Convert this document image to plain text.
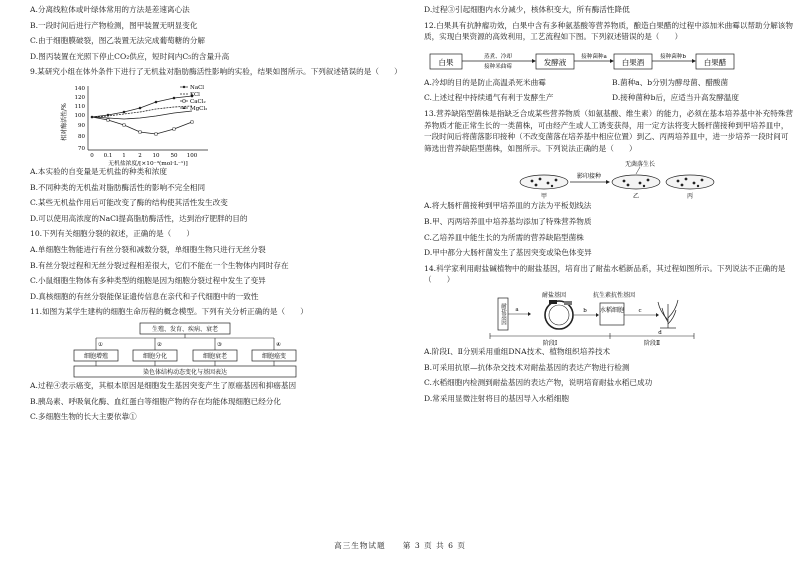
A.分离线粒体或叶绿体常用的方法是差速离心法

B.一段时间后进行产物检测，图甲装置无明显变化

C.由于细胞膜破裂，图乙装置无法完成葡萄糖的分解

D.图丙装置在光照下停止CO₂供应，短时间内C₅的含量升高

9.某研究小组在体外条件下进行了无机盐对脂肪酶活性影响的实验，结果如图所示。下列叙述错误的是（　　）

相对酶活性/%
140
120
110
100
90
80
70
0 0.1 1 2 10 50 100
无机盐浓度/[×10⁻³(mol·L⁻¹)]
NaCl
KCl
CaCl₂
MgCl₂

A.本实验的自变量是无机盐的种类和浓度

B.不同种类的无机盐对脂肪酶活性的影响不完全相同

C.某些无机盐作用后可能改变了酶的结构使其活性发生改变

D.可以使用高浓度的NaCl提高脂肪酶活性，达到治疗肥胖的目的

10.下列有关细胞分裂的叙述，正确的是（　　）

A.单细胞生物能进行有丝分裂和减数分裂，单细胞生物只进行无丝分裂

B.有丝分裂过程和无丝分裂过程相差很大，它们不能在一个生物体内同时存在

C.小鼠细胞生物体有多种类型的细胞是因为细胞分裂过程中发生了变异

D.真核细胞的有丝分裂能保证遗传信息在亲代和子代细胞中的一致性

11.如图为某学生建构的细胞生命历程的概念模型。下列有关分析正确的是（　　）

生殖、发育、疾病、衰老
①	②	③	④
细胞增殖	细胞分化	细胞衰老	细胞癌变
染色体结构动态变化与基因表达

A.过程④表示癌变，其根本原因是细胞发生基因突变产生了原癌基因和抑癌基因

B.胰岛素、呼吸氧化酶、血红蛋白等细胞产物的存在均能体现细胞已经分化

C.多细胞生物的长大主要依靠①

D.过程③引起细胞内水分减少，核体积变大，所有酶活性降低

12.白果具有抗肿瘤功效，白果中含有多种氨基酸等营养物质，酿造白果醋的过程中添加米曲霉以帮助分解该物质，实现白果资源的高效利用，工艺流程如下图。下列叙述错误的是（　　）

白果
蒸煮、冷却
接种米曲霉	发酵液
接种菌种a
白果酒
接种菌种b
白果醋

A.冷却的目的是防止高温杀死米曲霉	B.菌种a、b分别为酵母菌、醋酸菌

C.上述过程中持续通气有利于发酵生产	D.接种菌种b后，应适当升高发酵温度

13.营养缺陷型菌株是指缺乏合成某些营养物质（如氨基酸、维生素）的能力，必须在基本培养基中补充特殊营养物质才能正常生长的一类菌株，可由经产生或人工诱变获得，用一定方法将变大肠杆菌接种到甲培养皿中，一段时间后将菌落影印接种（不改变菌落在培养基中相应位置）到乙、丙两培养皿中，进一步培养一段时间可筛选出营养缺陷型菌株，如图所示。下列说法正确的是（　　）

无菌落生长
甲
影印接种
乙	丙

A.将大肠杆菌接种到甲培养皿的方法为平板划线法

B.甲、丙两培养皿中培养基均添加了特殊营养物质

C.乙培养皿中能生长的为所需的营养缺陷型菌株

D.甲中都分大肠杆菌发生了基因突变或染色体变异

14.科学家利用耐盐碱植物中的耐盐基因，培育出了耐盐水稻新品系，其过程如图所示。下列说法不正确的是（　　）

耐盐基因 a
耐盐基因	抗生素抗性基因
b 水稻细胞	c
d
阶段Ⅰ	阶段Ⅱ

A.阶段Ⅰ、Ⅱ分别采用重组DNA技术、植物组织培养技术

B.可采用抗原—抗体杂交技术对耐盐基因的表达产物进行检测

C.水稻细胞内检测到耐盐基因的表达产物，说明培育耐盐水稻已成功

D.常采用显微注射将目的基因导入水稻细胞

高三生物试题　　第 3 页 共 6 页
